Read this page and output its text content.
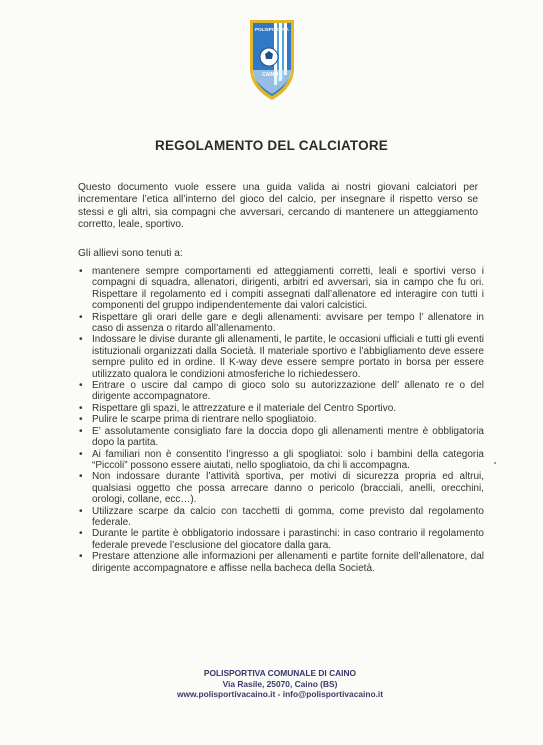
POLISPORTIVA
CAINO
REGOLAMENTO DEL CALCIATORE
Questo documento vuole essere una guida valida ai nostri giovani calciatori per incrementare l’etica all’interno del gioco del calcio, per insegnare il rispetto verso se stessi e gli altri, sia compagni che avversari, cercando di mantenere un atteggiamento corretto, leale, sportivo.
Gli allievi sono tenuti a:
• mantenere sempre comportamenti ed atteggiamenti corretti, leali e sportivi verso i compagni di squadra, allenatori, dirigenti, arbitri ed avversari, sia in campo che fu ori. Rispettare il regolamento ed i compiti assegnati dall’allenatore ed interagire con tutti i componenti del gruppo indipendentemente dai valori calcistici.
• Rispettare gli orari delle gare e degli allenamenti: avvisare per tempo l’ allenatore in caso di assenza o ritardo all’allenamento.
• Indossare le divise durante gli allenamenti, le partite, le occasioni ufficiali e tutti gli eventi istituzionali organizzati dalla Società. Il materiale sportivo e l’abbigliamento deve essere sempre pulito ed in ordine. Il K-way deve essere sempre portato in borsa per essere utilizzato qualora le condizioni atmosferiche lo richiedessero.
• Entrare o uscire dal campo di gioco solo su autorizzazione dell’ allenato re o del dirigente accompagnatore.
• Rispettare gli spazi, le attrezzature e il materiale del Centro Sportivo.
• Pulire le scarpe prima di rientrare nello spogliatoio.
• E’ assolutamente consigliato fare la doccia dopo gli allenamenti mentre è obbligatoria dopo la partita.
• Ai familiari non è consentito l’ingresso a gli spogliatoi: solo i bambini della categoria “Piccoli” possono essere aiutati, nello spogliatoio, da chi li accompagna.
• Non indossare durante l’attività sportiva, per motivi di sicurezza propria ed altrui, qualsiasi oggetto che possa arrecare danno o pericolo (bracciali, anelli, orecchini, orologi, collane, ecc…).
• Utilizzare scarpe da calcio con tacchetti di gomma, come previsto dal regolamento federale.
• Durante le partite è obbligatorio indossare i parastinchi: in caso contrario il regolamento federale prevede l’esclusione del giocatore dalla gara.
• Prestare attenzione alle informazioni per allenamenti e partite fornite dell’allenatore, dal dirigente accompagnatore e affisse nella bacheca della Società.
POLISPORTIVA COMUNALE DI CAINO
Via Rasile, 25070, Caino (BS)
www.polisportivacaino.it - info@polisportivacaino.it
